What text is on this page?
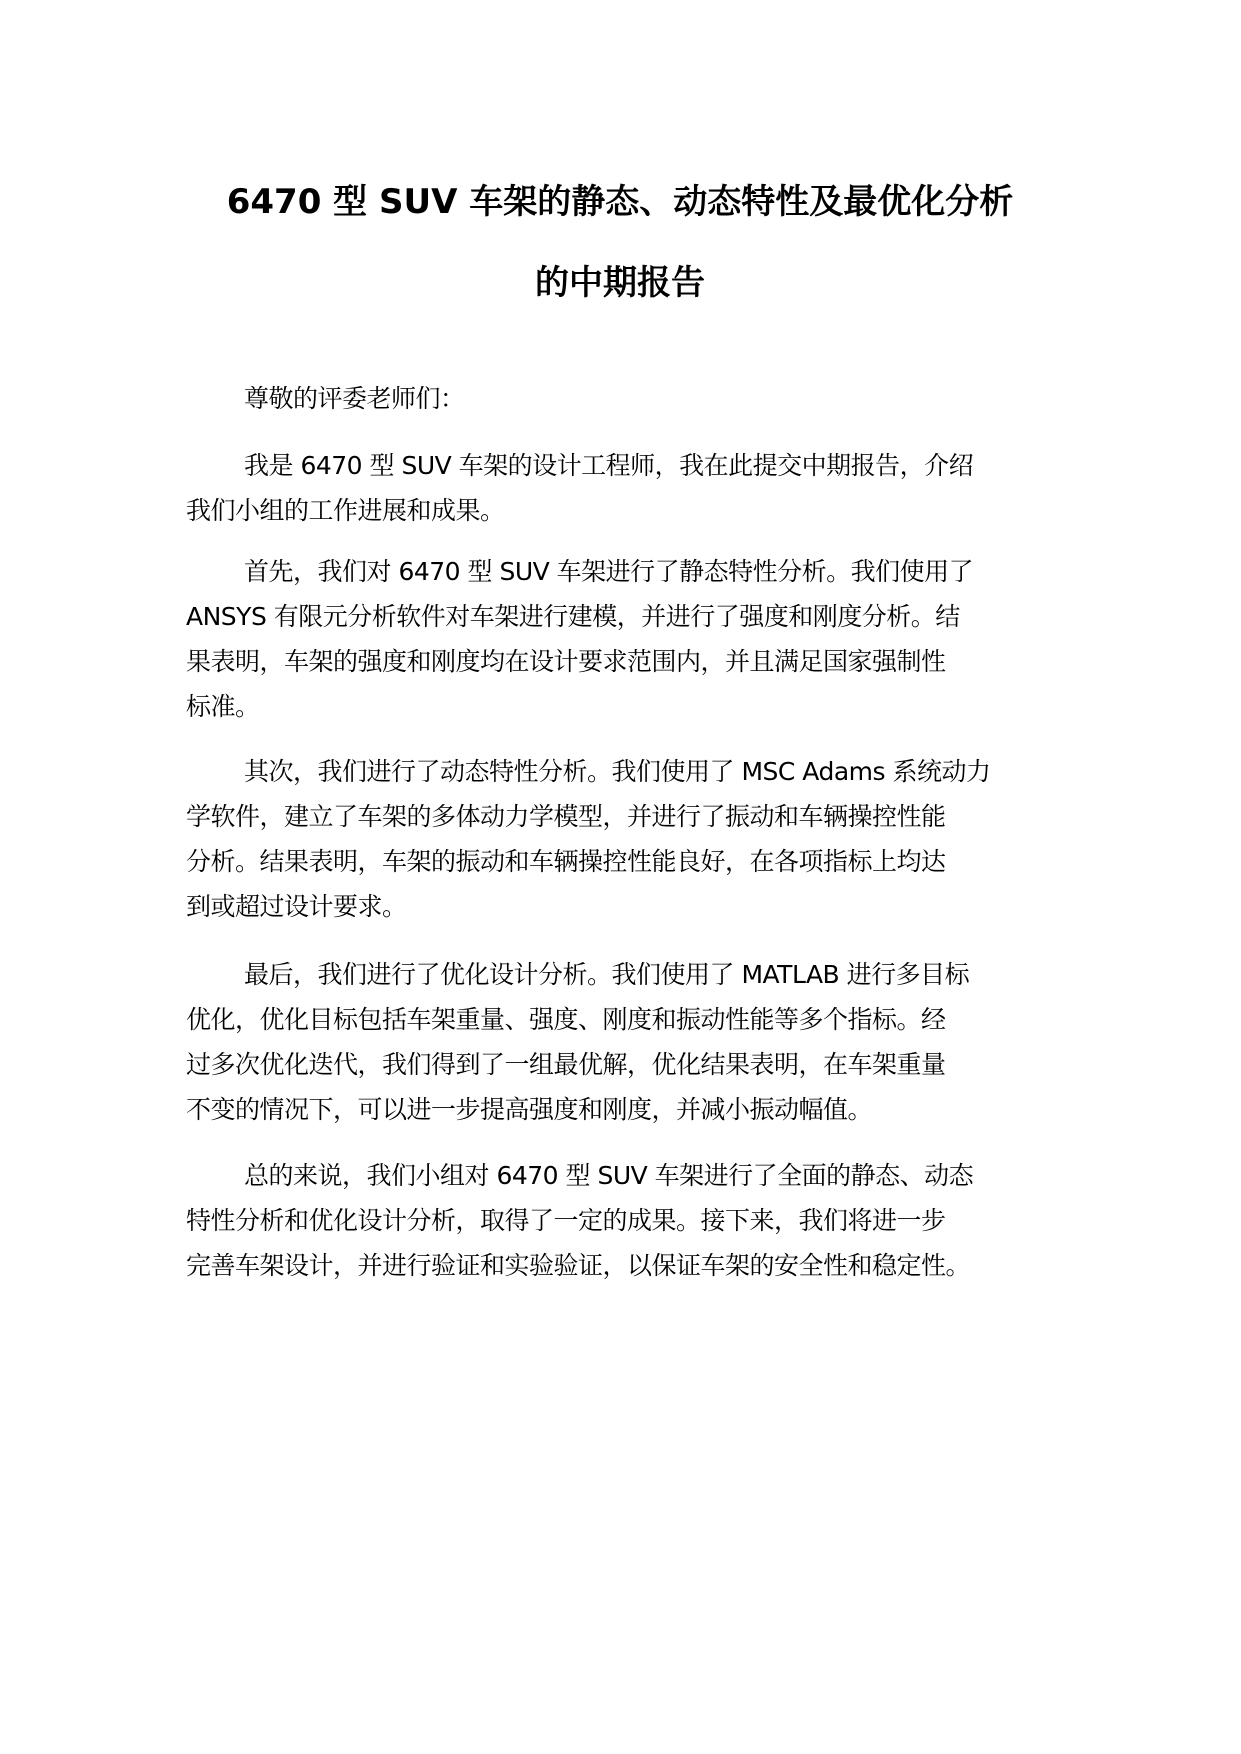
6470 型 SUV 车架的静态、动态特性及最优化分析
的中期报告
尊敬的评委老师们：
我是 6470 型 SUV 车架的设计工程师，我在此提交中期报告，介绍
我们小组的工作进展和成果。
首先，我们对 6470 型 SUV 车架进行了静态特性分析。我们使用了
ANSYS 有限元分析软件对车架进行建模，并进行了强度和刚度分析。结
果表明，车架的强度和刚度均在设计要求范围内，并且满足国家强制性
标准。
其次，我们进行了动态特性分析。我们使用了 MSC Adams 系统动力
学软件，建立了车架的多体动力学模型，并进行了振动和车辆操控性能
分析。结果表明，车架的振动和车辆操控性能良好，在各项指标上均达
到或超过设计要求。
最后，我们进行了优化设计分析。我们使用了 MATLAB 进行多目标
优化，优化目标包括车架重量、强度、刚度和振动性能等多个指标。经
过多次优化迭代，我们得到了一组最优解，优化结果表明，在车架重量
不变的情况下，可以进一步提高强度和刚度，并减小振动幅值。
总的来说，我们小组对 6470 型 SUV 车架进行了全面的静态、动态
特性分析和优化设计分析，取得了一定的成果。接下来，我们将进一步
完善车架设计，并进行验证和实验验证，以保证车架的安全性和稳定性。
